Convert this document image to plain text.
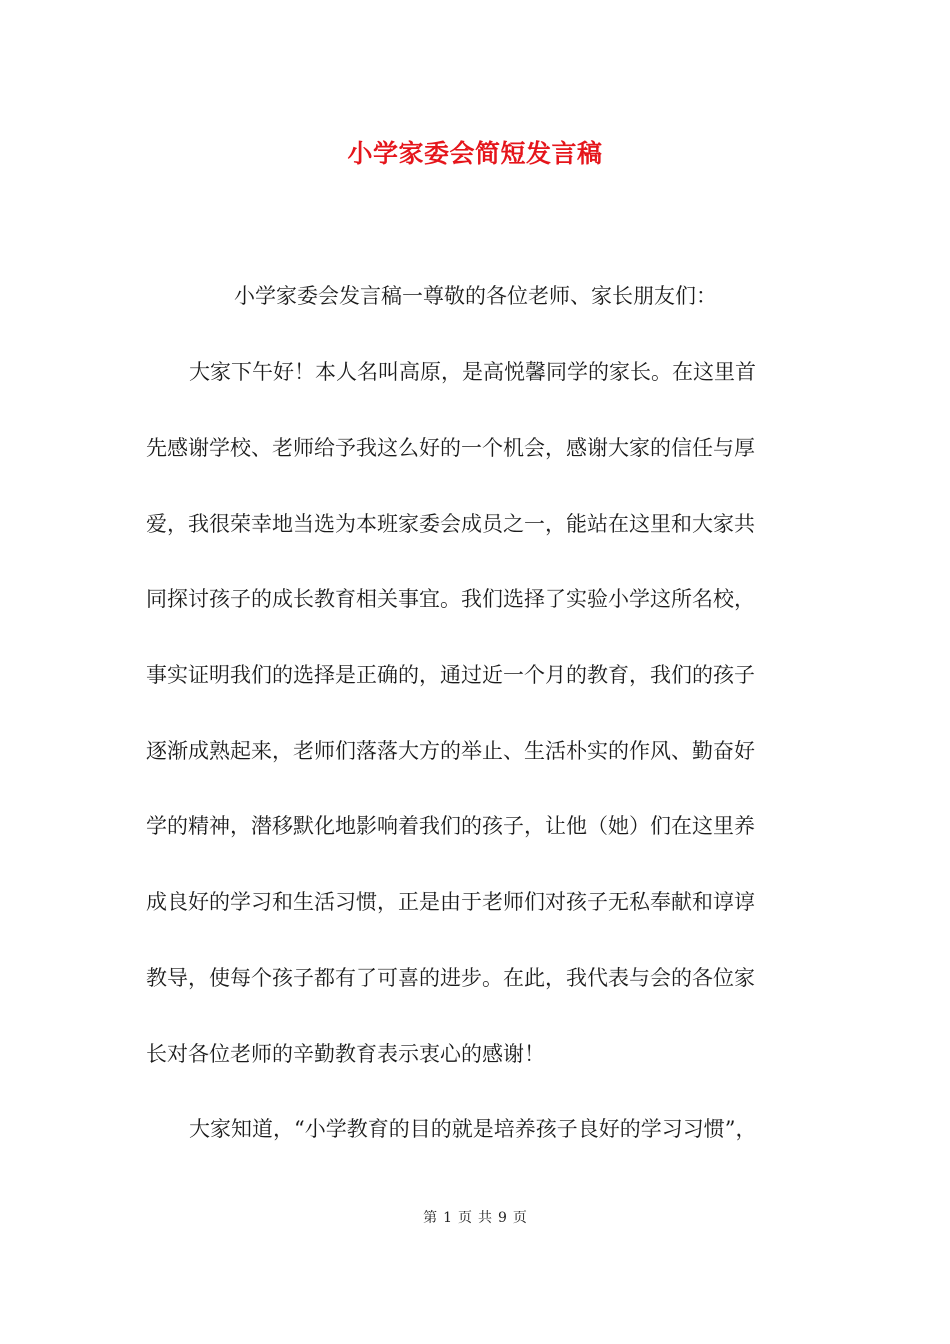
小学家委会简短发言稿
小学家委会发言稿一尊敬的各位老师、家长朋友们：
大家下午好！本人名叫高原，是高悦馨同学的家长。在这里首
先感谢学校、老师给予我这么好的一个机会，感谢大家的信任与厚
爱，我很荣幸地当选为本班家委会成员之一，能站在这里和大家共
同探讨孩子的成长教育相关事宜。我们选择了实验小学这所名校，
事实证明我们的选择是正确的，通过近一个月的教育，我们的孩子
逐渐成熟起来，老师们落落大方的举止、生活朴实的作风、勤奋好
学的精神，潜移默化地影响着我们的孩子，让他（她）们在这里养
成良好的学习和生活习惯，正是由于老师们对孩子无私奉献和谆谆
教导，使每个孩子都有了可喜的进步。在此，我代表与会的各位家
长对各位老师的辛勤教育表示衷心的感谢！
大家知道，“小学教育的目的就是培养孩子良好的学习习惯”，
第 1 页 共 9 页
